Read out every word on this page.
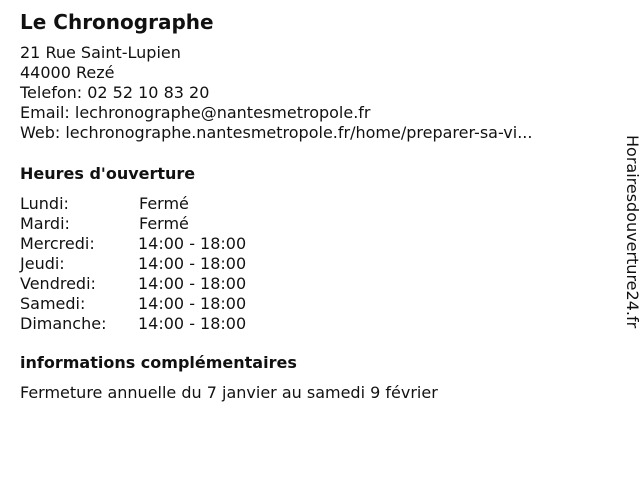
Le Chronographe
21 Rue Saint-Lupien
44000 Rezé
Telefon: 02 52 10 83 20
Email: lechronographe@nantesmetropole.fr
Web: lechronographe.nantesmetropole.fr/home/preparer-sa-vi...
Heures d'ouverture
Lundi:	Fermé
Mardi:	Fermé
Mercredi:	14:00 - 18:00
Jeudi:	14:00 - 18:00
Vendredi:	14:00 - 18:00
Samedi:	14:00 - 18:00
Dimanche: 14:00 - 18:00
informations complémentaires
Fermeture annuelle du 7 janvier au samedi 9 février
Horairesdouverture24.fr
